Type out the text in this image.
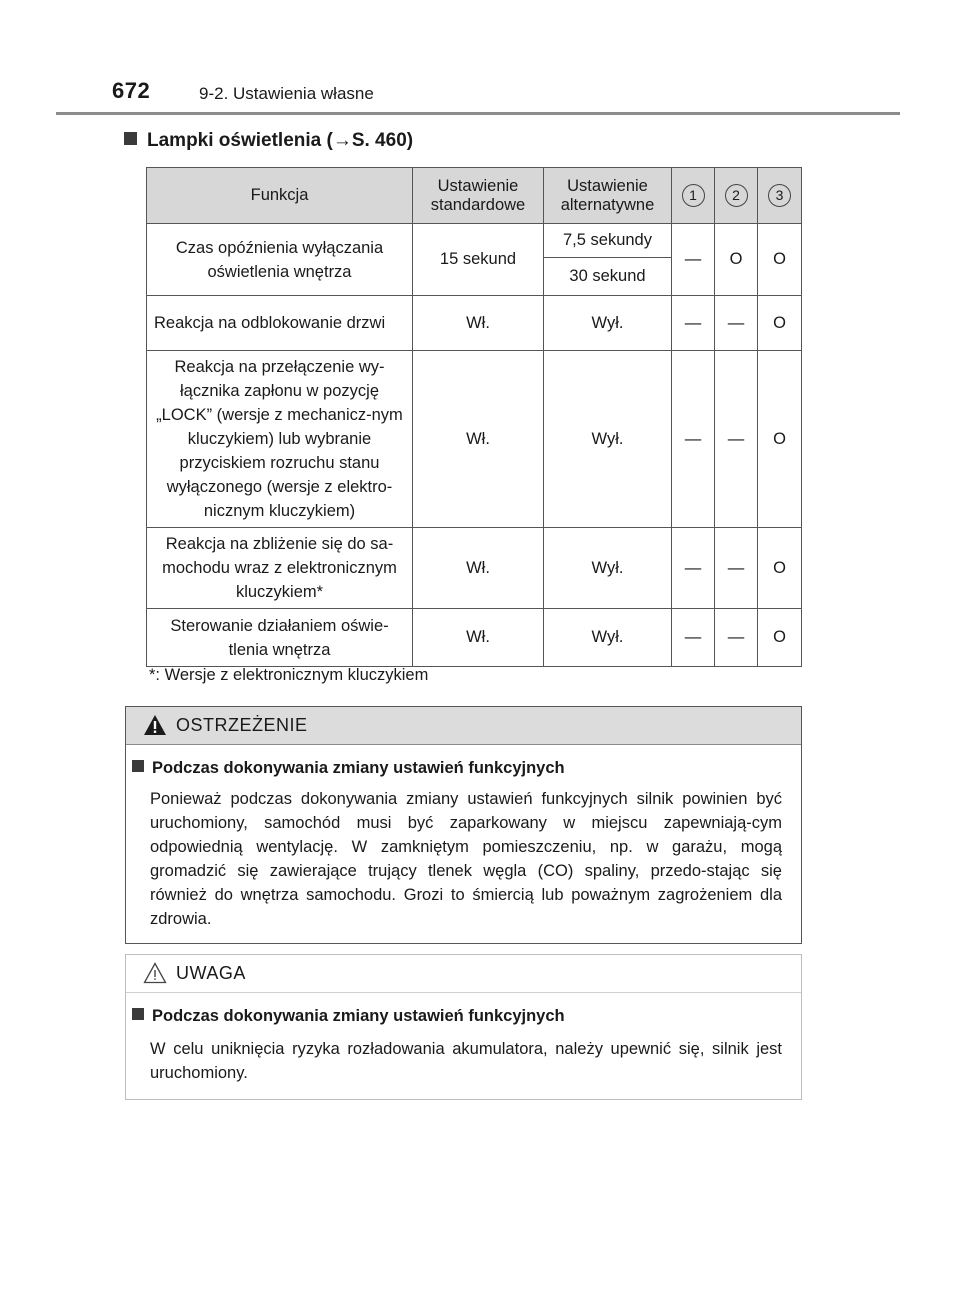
672	9-2. Ustawienia własne
Lampki oświetlenia (→S. 460)
Funkcja	Ustawienie standardowe	Ustawienie alternatywne	1	2	3
Czas opóźnienia wyłączania oświetlenia wnętrza	15 sekund	7,5 sekundy	—	O	O
		30 sekund			
Reakcja na odblokowanie drzwi	Wł.	Wył.	—	—	O
Reakcja na przełączenie wy-łącznika zapłonu w pozycję „LOCK” (wersje z mechanicz-nym kluczykiem) lub wybranie przyciskiem rozruchu stanu wyłączonego (wersje z elektro-nicznym kluczykiem)	Wł.	Wył.	—	—	O
Reakcja na zbliżenie się do sa-mochodu wraz z elektronicznym kluczykiem*	Wł.	Wył.	—	—	O
Sterowanie działaniem oświe-tlenia wnętrza	Wł.	Wył.	—	—	O
*: Wersje z elektronicznym kluczykiem
OSTRZEŻENIE
Podczas dokonywania zmiany ustawień funkcyjnych
Ponieważ podczas dokonywania zmiany ustawień funkcyjnych silnik powinien być uruchomiony, samochód musi być zaparkowany w miejscu zapewniają-cym odpowiednią wentylację. W zamkniętym pomieszczeniu, np. w garażu, mogą gromadzić się zawierające trujący tlenek węgla (CO) spaliny, przedo-stając się również do wnętrza samochodu. Grozi to śmiercią lub poważnym zagrożeniem dla zdrowia.
UWAGA
Podczas dokonywania zmiany ustawień funkcyjnych
W celu uniknięcia ryzyka rozładowania akumulatora, należy upewnić się, silnik jest uruchomiony.
